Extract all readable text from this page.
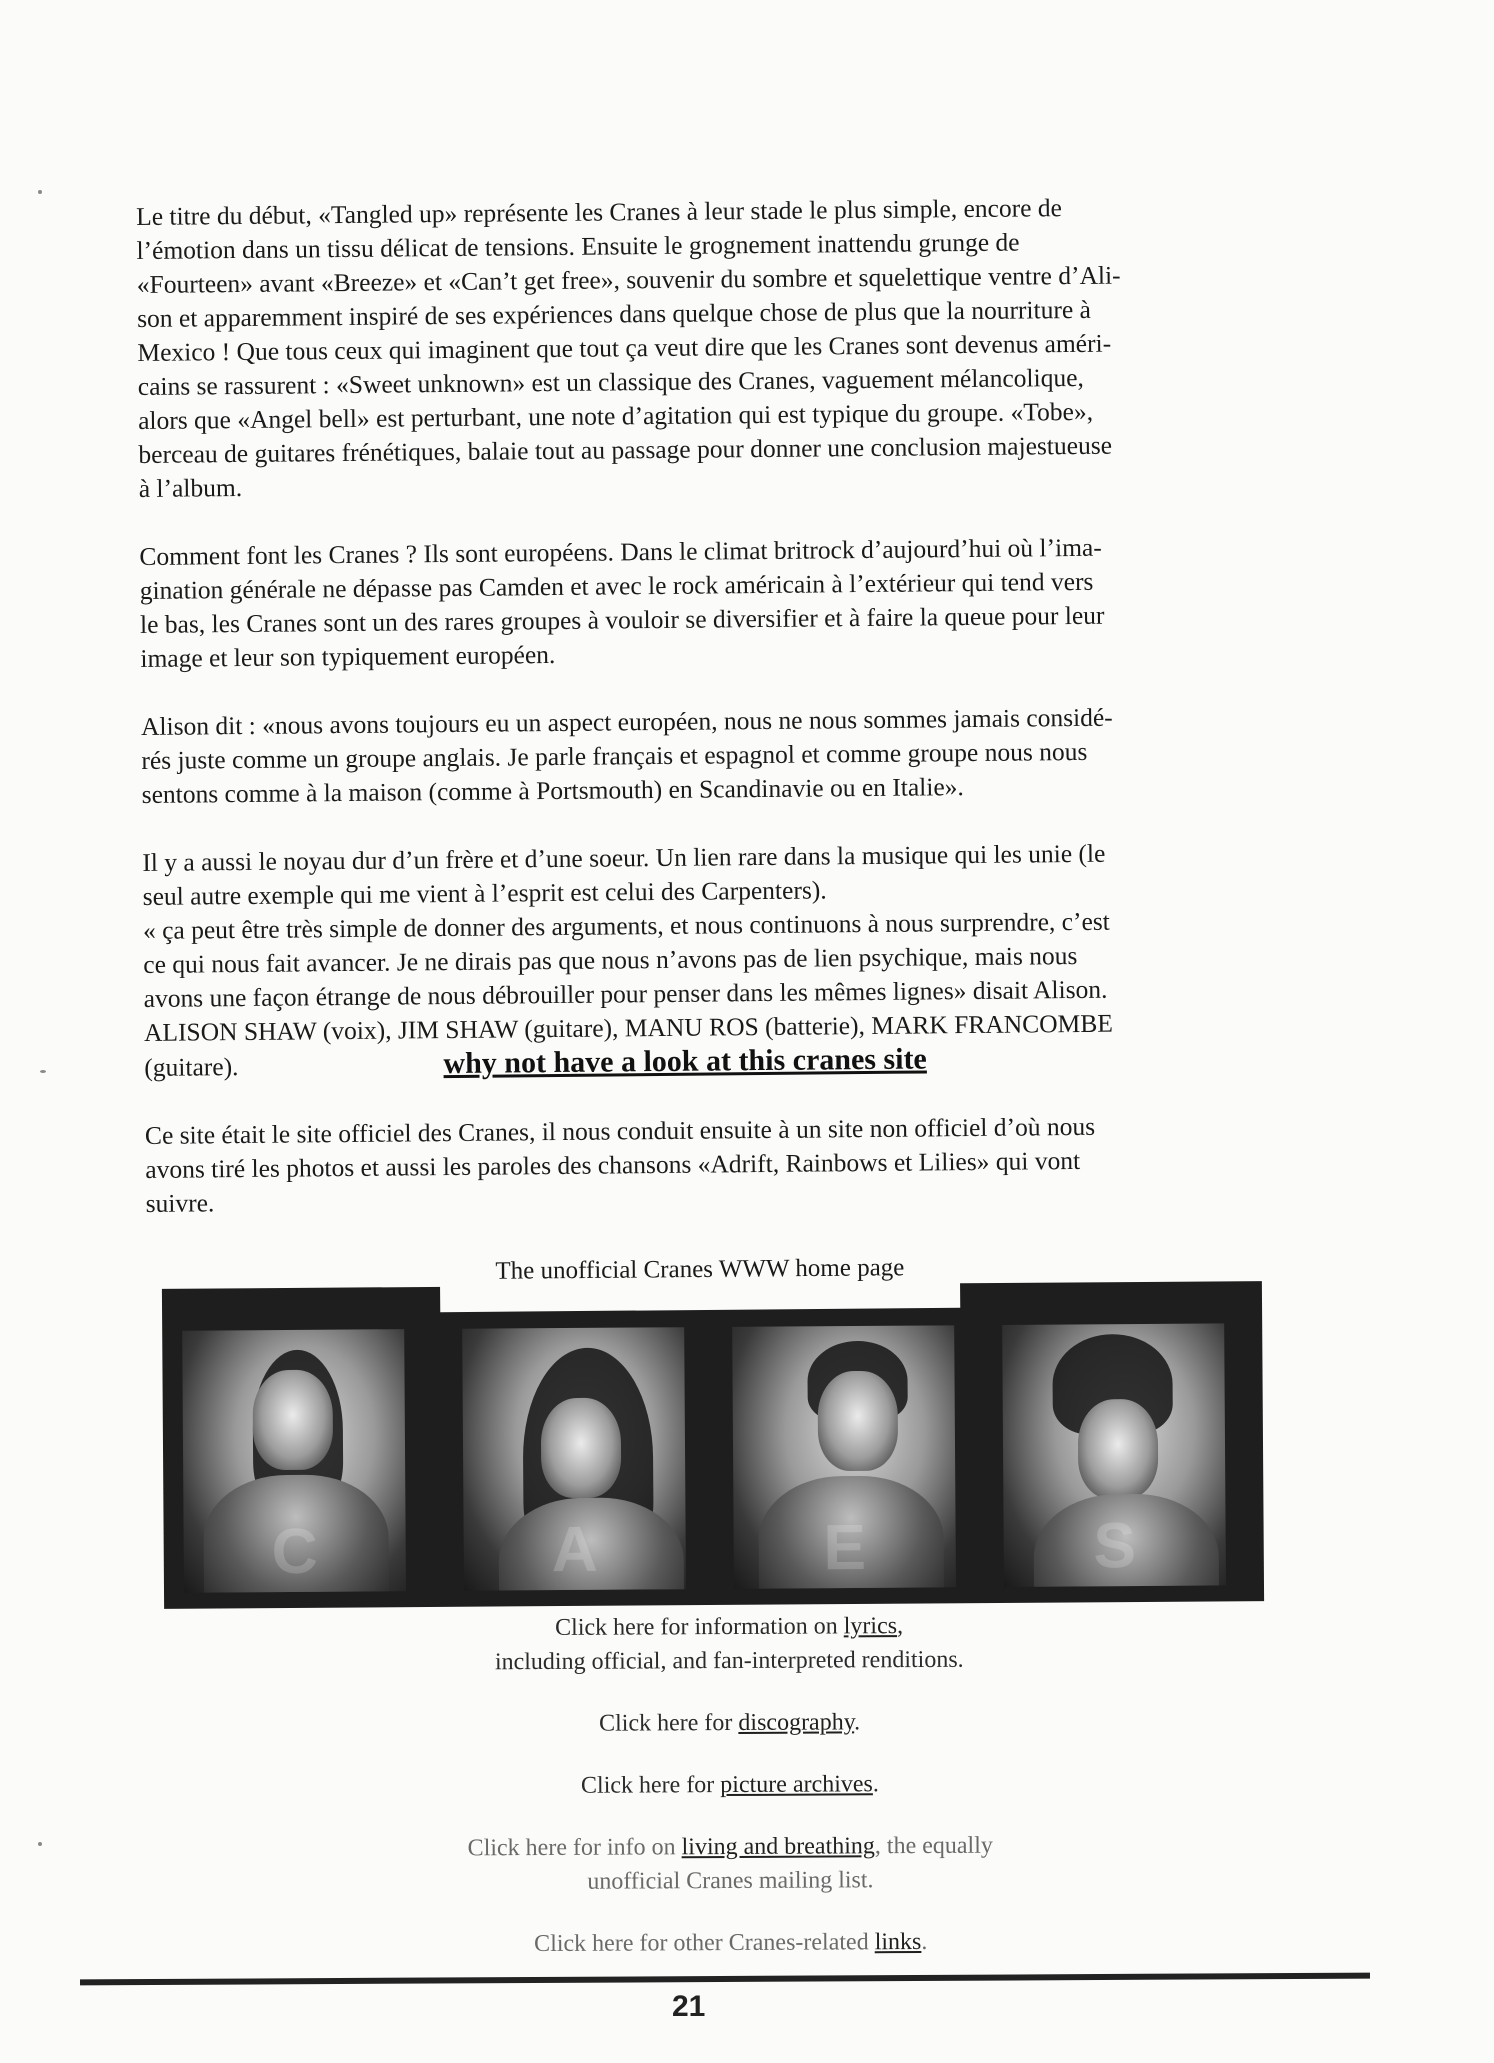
Le titre du début, «Tangled up» représente les Cranes à leur stade le plus simple, encore de
l’émotion dans un tissu délicat de tensions. Ensuite le grognement inattendu grunge de
«Fourteen» avant «Breeze» et «Can’t get free», souvenir du sombre et squelettique ventre d’Ali-
son et apparemment inspiré de ses expériences dans quelque chose de plus que la nourriture à
Mexico ! Que tous ceux qui imaginent que tout ça veut dire que les Cranes sont devenus améri-
cains se rassurent : «Sweet unknown» est un classique des Cranes, vaguement mélancolique,
alors que «Angel bell» est perturbant, une note d’agitation qui est typique du groupe. «Tobe»,
berceau de guitares frénétiques, balaie tout au passage pour donner une conclusion majestueuse
à l’album.

Comment font les Cranes ? Ils sont européens. Dans le climat britrock d’aujourd’hui où l’ima-
gination générale ne dépasse pas Camden et avec le rock américain à l’extérieur qui tend vers
le bas, les Cranes sont un des rares groupes à vouloir se diversifier et à faire la queue pour leur
image et leur son typiquement européen.

Alison dit : «nous avons toujours eu un aspect européen, nous ne nous sommes jamais considé-
rés juste comme un groupe anglais. Je parle français et espagnol et comme groupe nous nous
sentons comme à la maison (comme à Portsmouth) en Scandinavie ou en Italie».

Il y a aussi le noyau dur d’un frère et d’une soeur. Un lien rare dans la musique qui les unie (le
seul autre exemple qui me vient à l’esprit est celui des Carpenters).
« ça peut être très simple de donner des arguments, et nous continuons à nous surprendre, c’est
ce qui nous fait avancer. Je ne dirais pas que nous n’avons pas de lien psychique, mais nous
avons une façon étrange de nous débrouiller pour penser dans les mêmes lignes» disait Alison.
ALISON SHAW (voix), JIM SHAW (guitare), MANU ROS (batterie), MARK FRANCOMBE
(guitare).	why not have a look at this cranes site

Ce site était le site officiel des Cranes, il nous conduit ensuite à un site non officiel d’où nous
avons tiré les photos et aussi les paroles des chansons «Adrift, Rainbows et Lilies» qui vont
suivre.

The unofficial Cranes WWW home page
C	A	E	S

Click here for information on lyrics,
including official, and fan-interpreted renditions.

Click here for discography.

Click here for picture archives.

Click here for info on living and breathing, the equally
unofficial Cranes mailing list.

Click here for other Cranes-related links.

21
